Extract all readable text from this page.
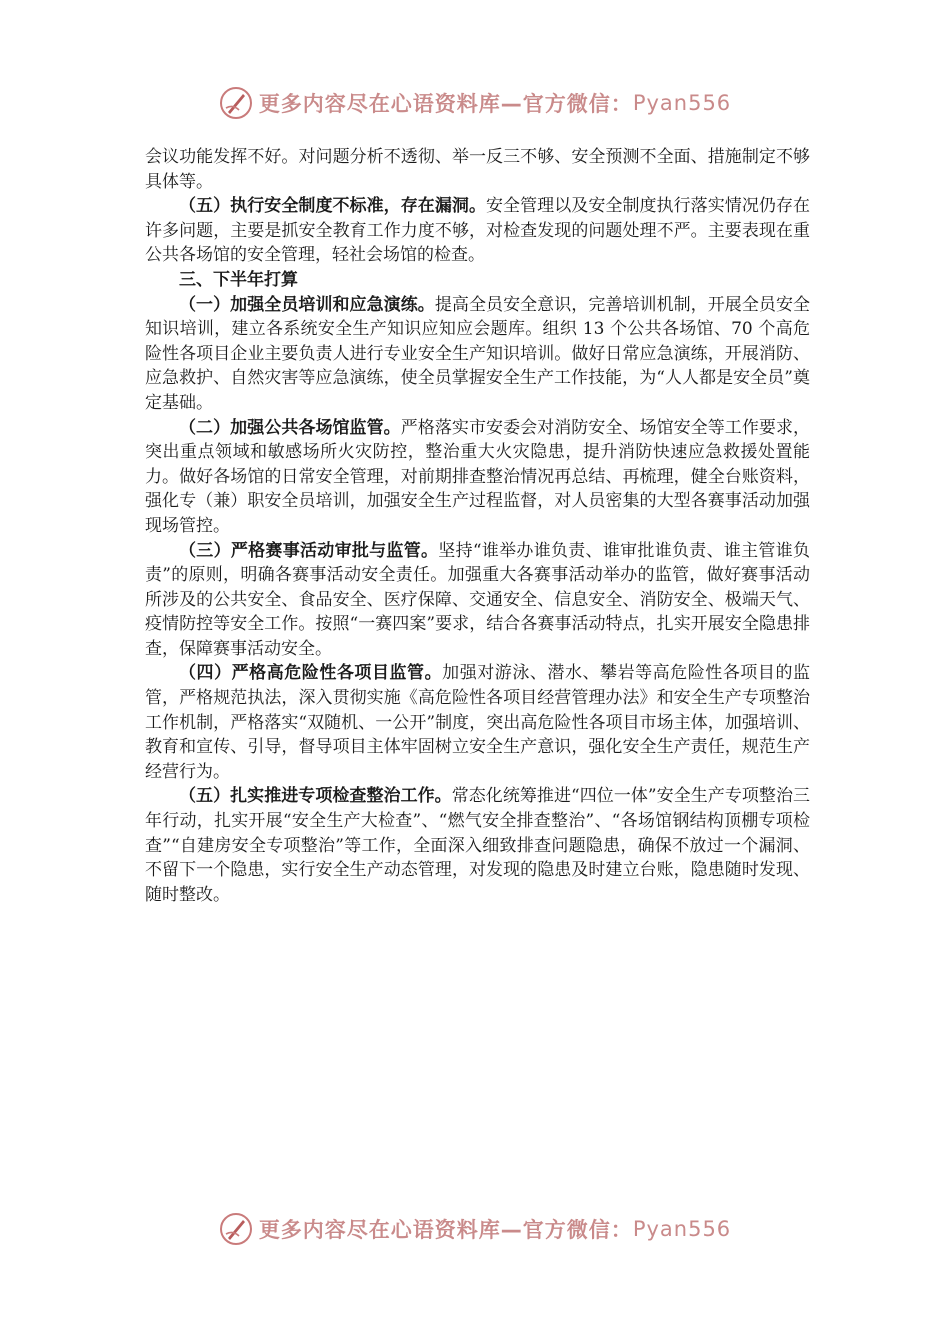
更多内容尽在心语资料库—官方微信： Pyan556

会议功能发挥不好。对问题分析不透彻、举一反三不够、安全预测不全面、措施制定不够具体等。

（五）执行安全制度不标准，存在漏洞。安全管理以及安全制度执行落实情况仍存在许多问题，主要是抓安全教育工作力度不够，对检查发现的问题处理不严。主要表现在重公共各场馆的安全管理，轻社会场馆的检查。

三、下半年打算

（一）加强全员培训和应急演练。提高全员安全意识，完善培训机制，开展全员安全知识培训，建立各系统安全生产知识应知应会题库。组织 13 个公共各场馆、70 个高危险性各项目企业主要负责人进行专业安全生产知识培训。做好日常应急演练，开展消防、应急救护、自然灾害等应急演练，使全员掌握安全生产工作技能，为“人人都是安全员”奠定基础。

（二）加强公共各场馆监管。严格落实市安委会对消防安全、场馆安全等工作要求，突出重点领域和敏感场所火灾防控，整治重大火灾隐患，提升消防快速应急救援处置能力。做好各场馆的日常安全管理，对前期排查整治情况再总结、再梳理，健全台账资料，强化专（兼）职安全员培训，加强安全生产过程监督，对人员密集的大型各赛事活动加强现场管控。

（三）严格赛事活动审批与监管。坚持“谁举办谁负责、谁审批谁负责、谁主管谁负责”的原则，明确各赛事活动安全责任。加强重大各赛事活动举办的监管，做好赛事活动所涉及的公共安全、食品安全、医疗保障、交通安全、信息安全、消防安全、极端天气、疫情防控等安全工作。按照“一赛四案”要求，结合各赛事活动特点，扎实开展安全隐患排查，保障赛事活动安全。

（四）严格高危险性各项目监管。加强对游泳、潜水、攀岩等高危险性各项目的监管，严格规范执法，深入贯彻实施《高危险性各项目经营管理办法》和安全生产专项整治工作机制，严格落实“双随机、一公开”制度，突出高危险性各项目市场主体，加强培训、教育和宣传、引导，督导项目主体牢固树立安全生产意识，强化安全生产责任，规范生产经营行为。

（五）扎实推进专项检查整治工作。常态化统筹推进“四位一体”安全生产专项整治三年行动，扎实开展“安全生产大检查”、“燃气安全排查整治”、“各场馆钢结构顶棚专项检查”“自建房安全专项整治”等工作，全面深入细致排查问题隐患，确保不放过一个漏洞、不留下一个隐患，实行安全生产动态管理，对发现的隐患及时建立台账，隐患随时发现、随时整改。

更多内容尽在心语资料库—官方微信： Pyan556
